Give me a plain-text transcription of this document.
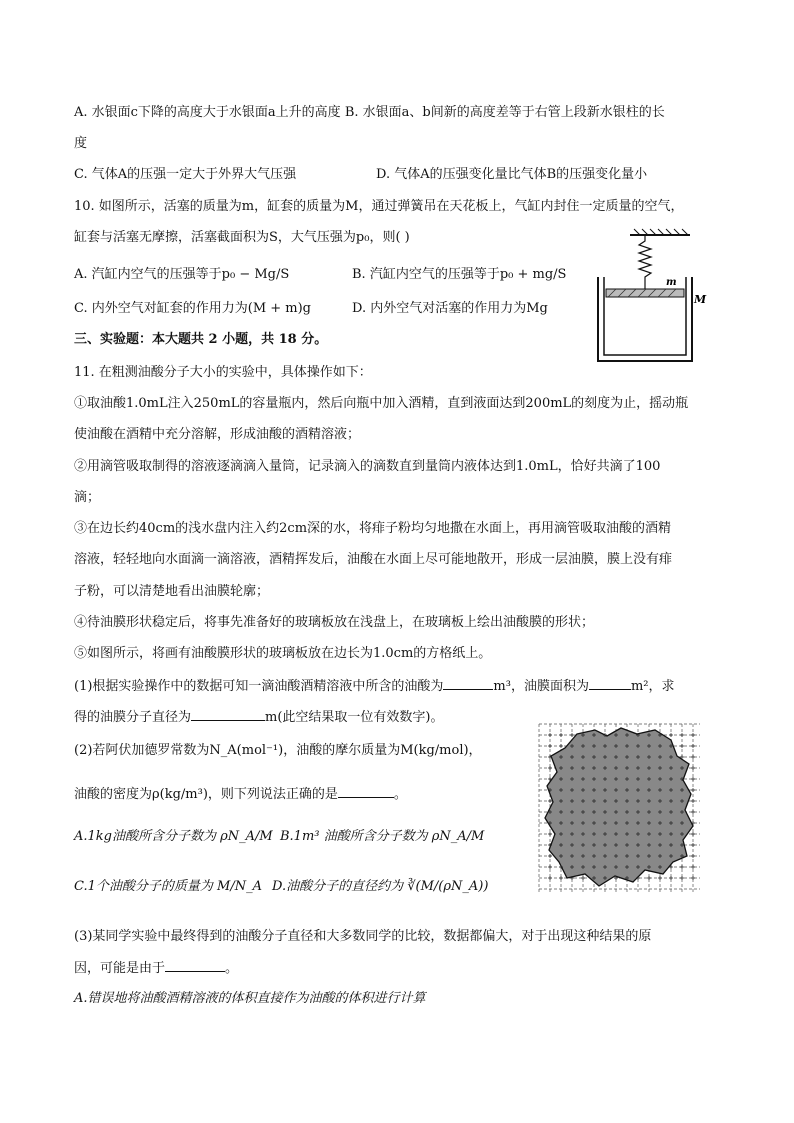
A. 水银面c下降的高度大于水银面a上升的高度 B. 水银面a、b间新的高度差等于右管上段新水银柱的长
度
C. 气体A的压强一定大于外界大气压强	D. 气体A的压强变化量比气体B的压强变化量小
10. 如图所示，活塞的质量为m，缸套的质量为M，通过弹簧吊在天花板上，气缸内封住一定质量的空气，
缸套与活塞无摩擦，活塞截面积为S，大气压强为p₀，则( )
A. 汽缸内空气的压强等于p₀ − Mg/S	B. 汽缸内空气的压强等于p₀ + mg/S
C. 内外空气对缸套的作用力为(M + m)g	D. 内外空气对活塞的作用力为Mg
m
M
三、实验题：本大题共 2 小题，共 18 分。
11. 在粗测油酸分子大小的实验中，具体操作如下：
①取油酸1.0mL注入250mL的容量瓶内，然后向瓶中加入酒精，直到液面达到200mL的刻度为止，摇动瓶
使油酸在酒精中充分溶解，形成油酸的酒精溶液；
②用滴管吸取制得的溶液逐滴滴入量筒，记录滴入的滴数直到量筒内液体达到1.0mL，恰好共滴了100
滴；
③在边长约40cm的浅水盘内注入约2cm深的水，将痱子粉均匀地撒在水面上，再用滴管吸取油酸的酒精
溶液，轻轻地向水面滴一滴溶液，酒精挥发后，油酸在水面上尽可能地散开，形成一层油膜，膜上没有痱
子粉，可以清楚地看出油膜轮廓；
④待油膜形状稳定后，将事先准备好的玻璃板放在浅盘上，在玻璃板上绘出油酸膜的形状；
⑤如图所示，将画有油酸膜形状的玻璃板放在边长为1.0cm的方格纸上。
(1)根据实验操作中的数据可知一滴油酸酒精溶液中所含的油酸为	m³，油膜面积为	m²，求
得的油膜分子直径为	m(此空结果取一位有效数字)。
(2)若阿伏加德罗常数为N_A(mol⁻¹)，油酸的摩尔质量为M(kg/mol)，
油酸的密度为ρ(kg/m³)，则下列说法正确的是	。
A.1kg油酸所含分子数为 ρN_A/M B.1m³ 油酸所含分子数为 ρN_A/M
C.1个油酸分子的质量为 M/N_A D.油酸分子的直径约为 ∛(M/(ρN_A))
(3)某同学实验中最终得到的油酸分子直径和大多数同学的比较，数据都偏大，对于出现这种结果的原
因，可能是由于	。
A.错误地将油酸酒精溶液的体积直接作为油酸的体积进行计算
